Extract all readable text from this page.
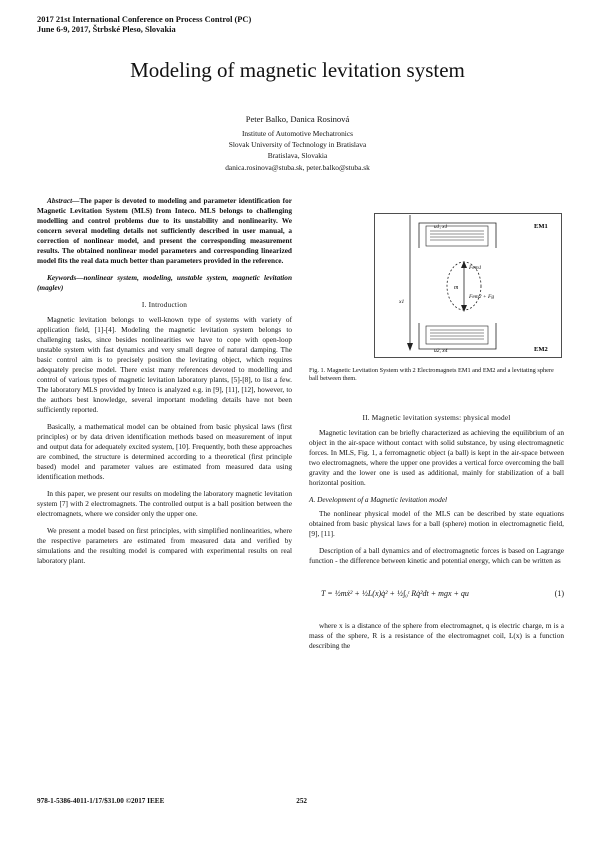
2017 21st International Conference on Process Control (PC)
June 6-9, 2017, Štrbské Pleso, Slovakia
Modeling of magnetic levitation system
Peter Balko, Danica Rosinová
Institute of Automotive Mechatronics
Slovak University of Technology in Bratislava
Bratislava, Slovakia
danica.rosinova@stuba.sk, peter.balko@stuba.sk

Abstract—The paper is devoted to modeling and parameter identification for Magnetic Levitation System (MLS) from Inteco. MLS belongs to challenging modelling and control problems due to its unstability and nonlinearity. We concern several modeling details not sufficiently described in user manual, a correction of nonlinear model, and present the corresponding measurement results. The obtained nonlinear model parameters and corresponding linearized model fits the real data much better than parameters provided in the reference.

Keywords—nonlinear system, modeling, unstable system, magnetic levitation (maglev)

I. Introduction

Magnetic levitation belongs to well-known type of systems with variety of application field, [1]-[4]. Modeling the magnetic levitation system belongs to challenging tasks, since besides nonlinearities we have to cope with open-loop unstable system with fast dynamics and very small degree of natural damping. The basic control aim is to precisely position the levitating object, which requires adequately precise model. There exist many references devoted to modelling and control of various types of magnetic levitation laboratory plants, [5]-[8], to list a few. The laboratory MLS provided by Inteco is analyzed e.g. in [9], [11], [12], however, to the authors best knowledge, several important modeling details have not been sufficiently reported.

Basically, a mathematical model can be obtained from basic physical laws (first principles) or by data driven identification methods based on measurement of input and output data for adequately excited system, [10]. Frequently, both these approaches are combined, the structure is determined according to a theoretical (first principle based) model and parameter values are estimated from measured data using identification methods.

In this paper, we present our results on modeling the laboratory magnetic levitation system [7] with 2 electromagnets. The controlled output is a ball position between the electromagnets, where we consider only the upper one.

We present a model based on first principles, with simplified nonlinearities, where the respective parameters are estimated from measured data and verified by simulations and the resulting model is compared with experimental results on real laboratory plant.

EM1
EM2
u1, x1
u2, x4
m
Fem1
Fem2 + Fg
x1
Fig. 1. Magnetic Levitation System with 2 Electromagnets EM1 and EM2 and a levitating sphere ball between them.
II. Magnetic levitation systems: physical model

Magnetic levitation can be briefly characterized as achieving the equilibrium of an object in the air-space without contact with solid substance, by using electromagnetic forces. In MLS, Fig. 1, a ferromagnetic object (a ball) is kept in the air-space between two electromagnets, where the upper one provides a vertical force overcoming the ball gravity and the lower one is used as additional, mainly for stabilization of a ball horizontal position.

A. Development of a Magnetic levitation model

The nonlinear physical model of the MLS can be described by state equations obtained from basic physical laws for a ball (sphere) motion in electromagnetic field, [9], [11].

Description of a ball dynamics and of electromagnetic forces is based on Lagrange function - the difference between kinetic and potential energy, which can be written as

T = ½mẋ² + ½L(x)q̇² + ½∫₀ᵗ Rq̇²dt + mgx + qu	(1)

where x is a distance of the sphere from electromagnet, q is electric charge, m is a mass of the sphere, R is a resistance of the electromagnet coil, L(x) is a function describing the

978-1-5386-4011-1/17/$31.00 ©2017 IEEE	252
